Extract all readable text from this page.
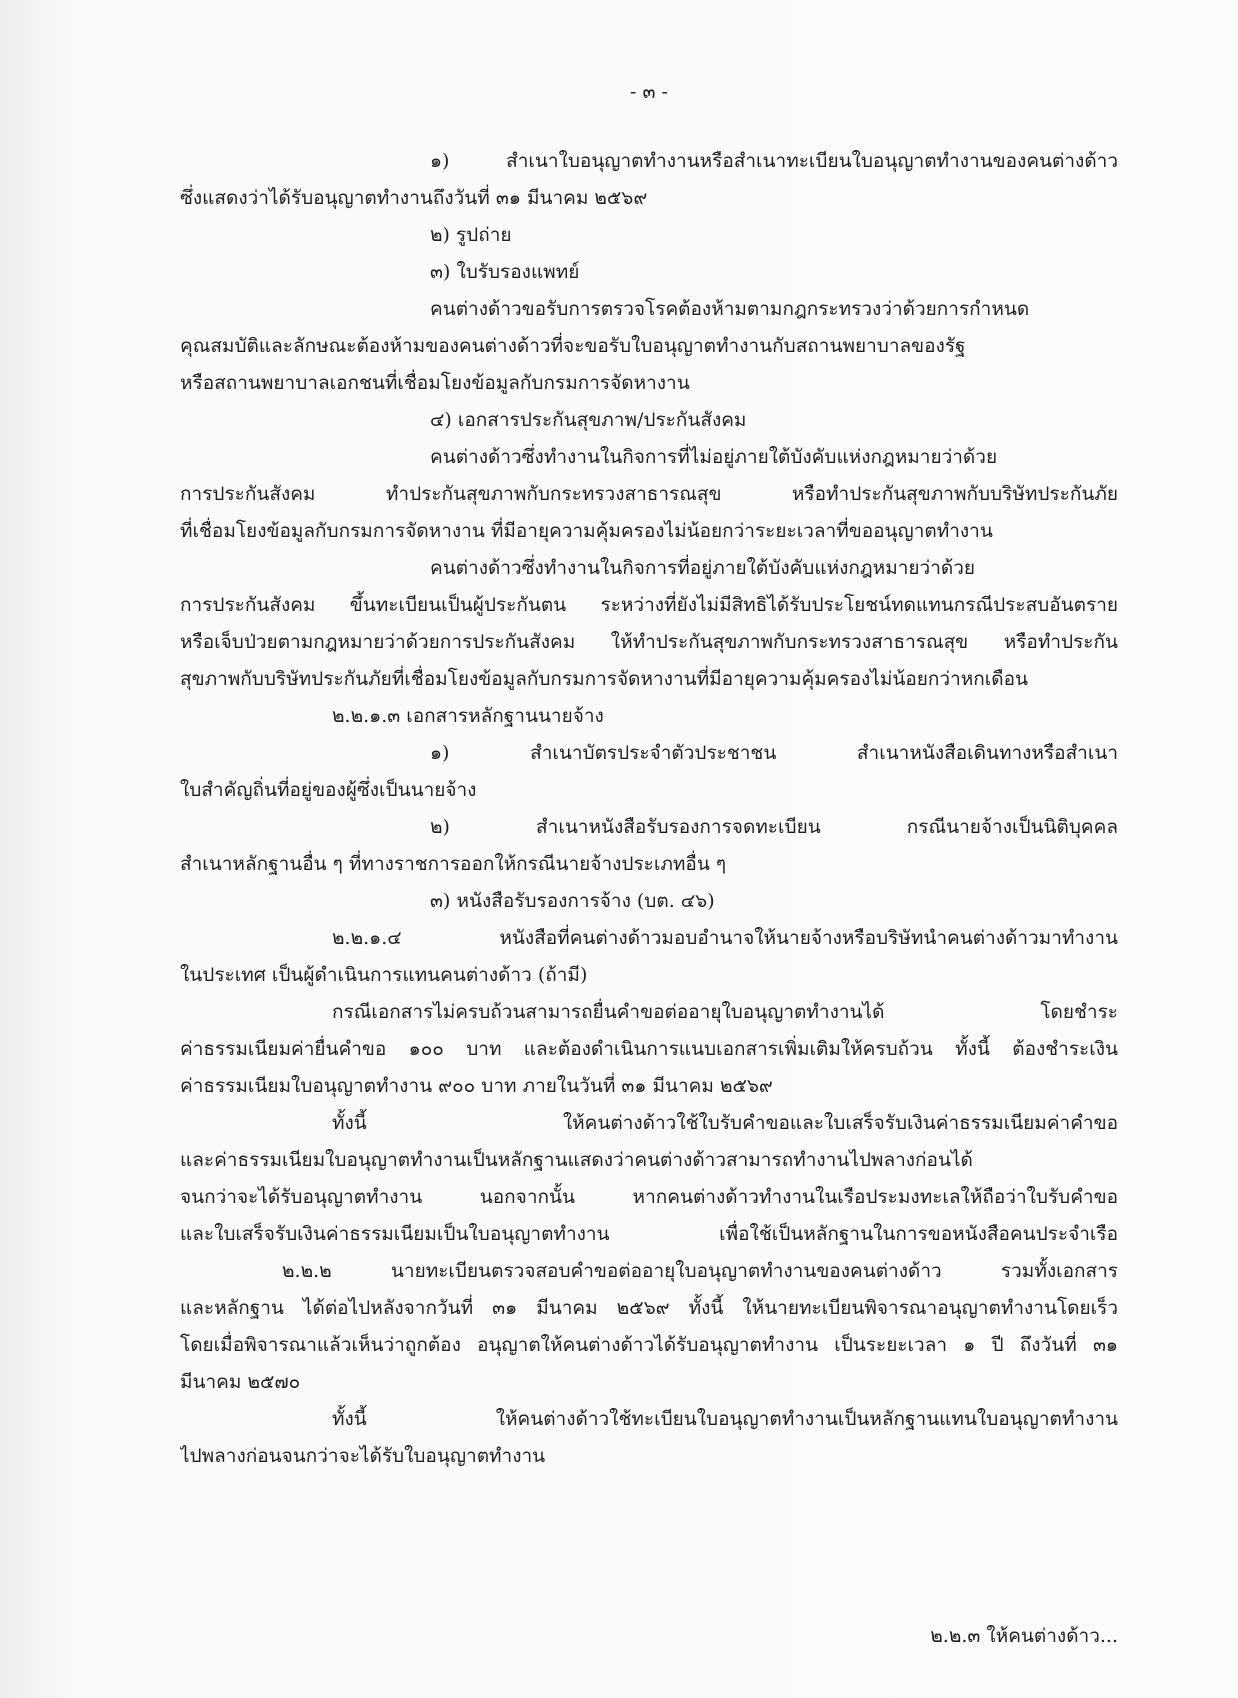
- ๓ -
๑) สำเนาใบอนุญาตทำงานหรือสำเนาทะเบียนใบอนุญาตทำงานของคนต่างด้าว
ซึ่งแสดงว่าได้รับอนุญาตทำงานถึงวันที่ ๓๑ มีนาคม ๒๕๖๙
๒) รูปถ่าย
๓) ใบรับรองแพทย์
คนต่างด้าวขอรับการตรวจโรคต้องห้ามตามกฎกระทรวงว่าด้วยการกำหนด
คุณสมบัติและลักษณะต้องห้ามของคนต่างด้าวที่จะขอรับใบอนุญาตทำงานกับสถานพยาบาลของรัฐ
หรือสถานพยาบาลเอกชนที่เชื่อมโยงข้อมูลกับกรมการจัดหางาน
๔) เอกสารประกันสุขภาพ/ประกันสังคม
คนต่างด้าวซึ่งทำงานในกิจการที่ไม่อยู่ภายใต้บังคับแห่งกฎหมายว่าด้วย
การประกันสังคม ทำประกันสุขภาพกับกระทรวงสาธารณสุข หรือทำประกันสุขภาพกับบริษัทประกันภัย
ที่เชื่อมโยงข้อมูลกับกรมการจัดหางาน ที่มีอายุความคุ้มครองไม่น้อยกว่าระยะเวลาที่ขออนุญาตทำงาน
คนต่างด้าวซึ่งทำงานในกิจการที่อยู่ภายใต้บังคับแห่งกฎหมายว่าด้วย
การประกันสังคม ขึ้นทะเบียนเป็นผู้ประกันตน ระหว่างที่ยังไม่มีสิทธิได้รับประโยชน์ทดแทนกรณีประสบอันตราย
หรือเจ็บป่วยตามกฎหมายว่าด้วยการประกันสังคม ให้ทำประกันสุขภาพกับกระทรวงสาธารณสุข หรือทำประกัน
สุขภาพกับบริษัทประกันภัยที่เชื่อมโยงข้อมูลกับกรมการจัดหางานที่มีอายุความคุ้มครองไม่น้อยกว่าหกเดือน
๒.๒.๑.๓ เอกสารหลักฐานนายจ้าง
๑) สำเนาบัตรประจำตัวประชาชน สำเนาหนังสือเดินทางหรือสำเนา
ใบสำคัญถิ่นที่อยู่ของผู้ซึ่งเป็นนายจ้าง
๒) สำเนาหนังสือรับรองการจดทะเบียน กรณีนายจ้างเป็นนิติบุคคล
สำเนาหลักฐานอื่น ๆ ที่ทางราชการออกให้กรณีนายจ้างประเภทอื่น ๆ
๓) หนังสือรับรองการจ้าง (บต. ๔๖)
๒.๒.๑.๔ หนังสือที่คนต่างด้าวมอบอำนาจให้นายจ้างหรือบริษัทนำคนต่างด้าวมาทำงาน
ในประเทศ เป็นผู้ดำเนินการแทนคนต่างด้าว (ถ้ามี)
กรณีเอกสารไม่ครบถ้วนสามารถยื่นคำขอต่ออายุใบอนุญาตทำงานได้ โดยชำระ
ค่าธรรมเนียมค่ายื่นคำขอ ๑๐๐ บาท และต้องดำเนินการแนบเอกสารเพิ่มเติมให้ครบถ้วน ทั้งนี้ ต้องชำระเงิน
ค่าธรรมเนียมใบอนุญาตทำงาน ๙๐๐ บาท ภายในวันที่ ๓๑ มีนาคม ๒๕๖๙
ทั้งนี้ ให้คนต่างด้าวใช้ใบรับคำขอและใบเสร็จรับเงินค่าธรรมเนียมค่าคำขอ
และค่าธรรมเนียมใบอนุญาตทำงานเป็นหลักฐานแสดงว่าคนต่างด้าวสามารถทำงานไปพลางก่อนได้
จนกว่าจะได้รับอนุญาตทำงาน นอกจากนั้น หากคนต่างด้าวทำงานในเรือประมงทะเลให้ถือว่าใบรับคำขอ
และใบเสร็จรับเงินค่าธรรมเนียมเป็นใบอนุญาตทำงาน เพื่อใช้เป็นหลักฐานในการขอหนังสือคนประจำเรือ
๒.๒.๒ นายทะเบียนตรวจสอบคำขอต่ออายุใบอนุญาตทำงานของคนต่างด้าว รวมทั้งเอกสาร
และหลักฐาน ได้ต่อไปหลังจากวันที่ ๓๑ มีนาคม ๒๕๖๙ ทั้งนี้ ให้นายทะเบียนพิจารณาอนุญาตทำงานโดยเร็ว
โดยเมื่อพิจารณาแล้วเห็นว่าถูกต้อง อนุญาตให้คนต่างด้าวได้รับอนุญาตทำงาน เป็นระยะเวลา ๑ ปี ถึงวันที่ ๓๑
มีนาคม ๒๕๗๐
ทั้งนี้ ให้คนต่างด้าวใช้ทะเบียนใบอนุญาตทำงานเป็นหลักฐานแทนใบอนุญาตทำงาน
ไปพลางก่อนจนกว่าจะได้รับใบอนุญาตทำงาน
๒.๒.๓ ให้คนต่างด้าว...
